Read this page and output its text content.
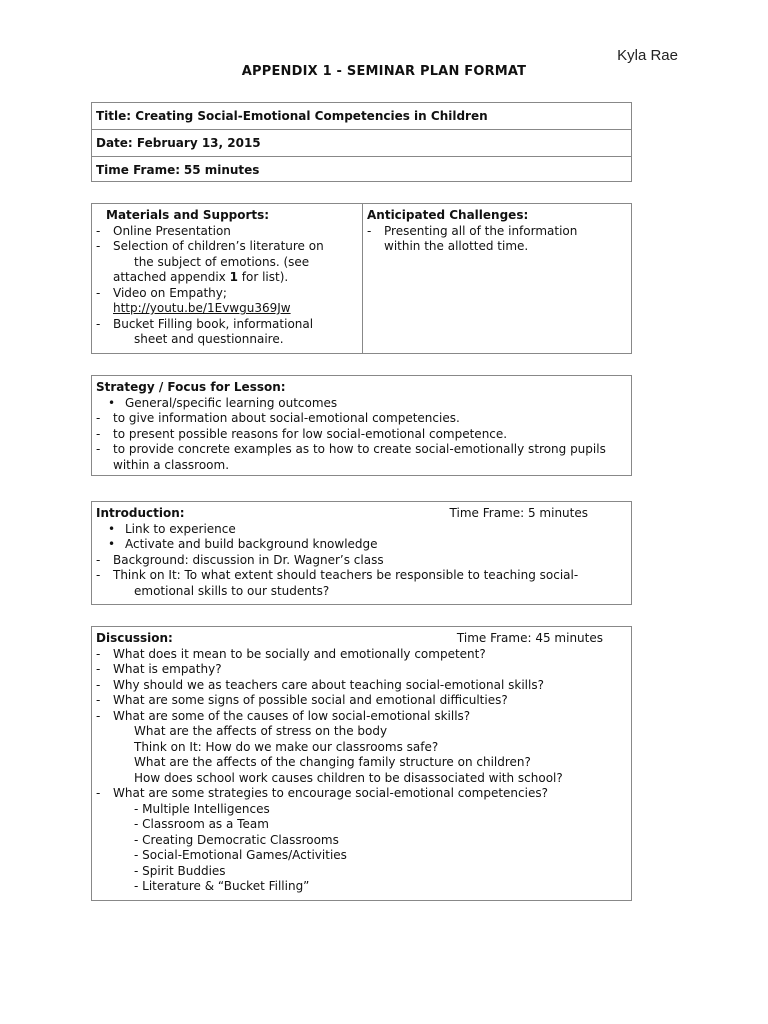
Kyla Rae
APPENDIX 1 - SEMINAR PLAN FORMAT
Title: Creating Social-Emotional Competencies in Children
Date: February 13, 2015
Time Frame: 55 minutes
Materials and Supports:
- Online Presentation
- Selection of children’s literature on
the subject of emotions. (see
attached appendix 1 for list).
- Video on Empathy;
http://youtu.be/1Evwgu369Jw
- Bucket Filling book, informational
sheet and questionnaire.
Anticipated Challenges:
- Presenting all of the information
within the allotted time.
Strategy / Focus for Lesson:
• General/specific learning outcomes
- to give information about social-emotional competencies.
- to present possible reasons for low social-emotional competence.
- to provide concrete examples as to how to create social-emotionally strong pupils
within a classroom.
Introduction:	Time Frame: 5 minutes
• Link to experience
• Activate and build background knowledge
- Background: discussion in Dr. Wagner’s class
- Think on It: To what extent should teachers be responsible to teaching social-
emotional skills to our students?
Discussion:	Time Frame: 45 minutes
- What does it mean to be socially and emotionally competent?
- What is empathy?
- Why should we as teachers care about teaching social-emotional skills?
- What are some signs of possible social and emotional difficulties?
- What are some of the causes of low social-emotional skills?
What are the affects of stress on the body
Think on It: How do we make our classrooms safe?
What are the affects of the changing family structure on children?
How does school work causes children to be disassociated with school?
- What are some strategies to encourage social-emotional competencies?
- Multiple Intelligences
- Classroom as a Team
- Creating Democratic Classrooms
- Social-Emotional Games/Activities
- Spirit Buddies
- Literature & “Bucket Filling”
